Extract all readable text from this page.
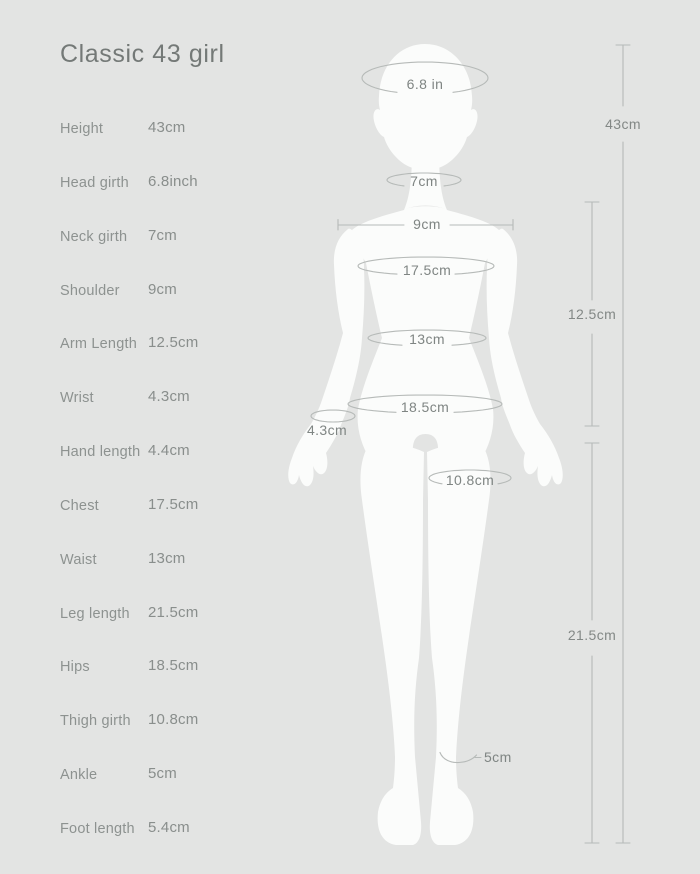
Classic 43 girl
Height	43cm
Head girth	6.8inch
Neck girth	7cm
Shoulder	9cm
Arm Length 12.5cm
Wrist	4.3cm
Hand length 4.4cm
Chest	17.5cm
Waist	13cm
Leg length	21.5cm
Hips	18.5cm
Thigh girth	10.8cm
Ankle	5cm
Foot length 5.4cm
6.8 in
7cm
9cm
17.5cm
13cm
18.5cm
4.3cm
10.8cm
5cm
43cm
12.5cm
21.5cm
